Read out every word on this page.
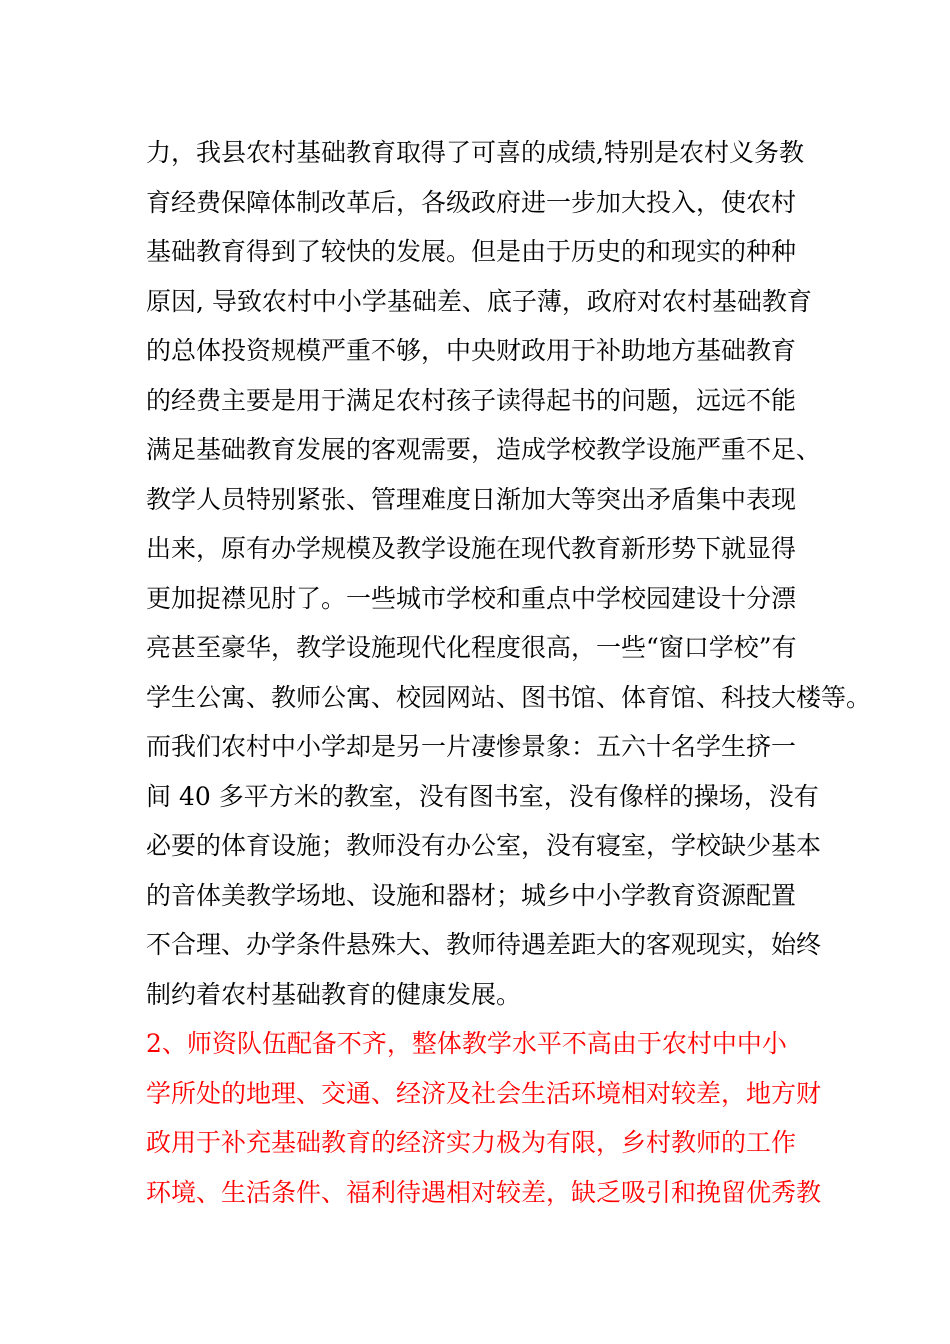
力，我县农村基础教育取得了可喜的成绩,特别是农村义务教
育经费保障体制改革后，各级政府进一步加大投入，使农村
基础教育得到了较快的发展。但是由于历史的和现实的种种
原因, 导致农村中小学基础差、底子薄，政府对农村基础教育
的总体投资规模严重不够，中央财政用于补助地方基础教育
的经费主要是用于满足农村孩子读得起书的问题，远远不能
满足基础教育发展的客观需要，造成学校教学设施严重不足、
教学人员特别紧张、管理难度日渐加大等突出矛盾集中表现
出来，原有办学规模及教学设施在现代教育新形势下就显得
更加捉襟见肘了。一些城市学校和重点中学校园建设十分漂
亮甚至豪华，教学设施现代化程度很高，一些“窗口学校”有
学生公寓、教师公寓、校园网站、图书馆、体育馆、科技大楼等。
而我们农村中小学却是另一片凄惨景象：五六十名学生挤一
间 40 多平方米的教室，没有图书室，没有像样的操场，没有
必要的体育设施；教师没有办公室，没有寝室，学校缺少基本
的音体美教学场地、设施和器材；城乡中小学教育资源配置
不合理、办学条件悬殊大、教师待遇差距大的客观现实，始终
制约着农村基础教育的健康发展。
2、师资队伍配备不齐，整体教学水平不高由于农村中中小
学所处的地理、交通、经济及社会生活环境相对较差，地方财
政用于补充基础教育的经济实力极为有限，乡村教师的工作
环境、生活条件、福利待遇相对较差，缺乏吸引和挽留优秀教
